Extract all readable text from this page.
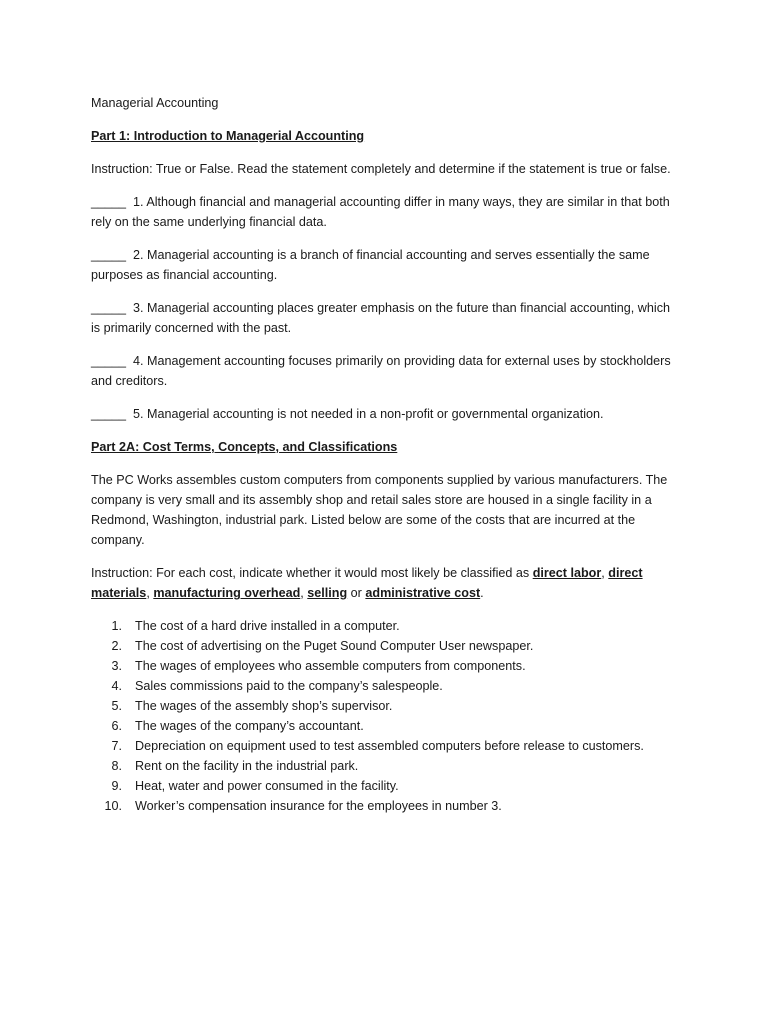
Managerial Accounting
Part 1: Introduction to Managerial Accounting
Instruction: True or False. Read the statement completely and determine if the statement is true or false.
_____  1. Although financial and managerial accounting differ in many ways, they are similar in that both rely on the same underlying financial data.
_____  2. Managerial accounting is a branch of financial accounting and serves essentially the same purposes as financial accounting.
_____  3. Managerial accounting places greater emphasis on the future than financial accounting, which is primarily concerned with the past.
_____  4. Management accounting focuses primarily on providing data for external uses by stockholders and creditors.
_____  5. Managerial accounting is not needed in a non-profit or governmental organization.
Part 2A: Cost Terms, Concepts, and Classifications
The PC Works assembles custom computers from components supplied by various manufacturers. The company is very small and its assembly shop and retail sales store are housed in a single facility in a Redmond, Washington, industrial park. Listed below are some of the costs that are incurred at the company.
Instruction: For each cost, indicate whether it would most likely be classified as direct labor, direct materials, manufacturing overhead, selling or administrative cost.
1. The cost of a hard drive installed in a computer.
2. The cost of advertising on the Puget Sound Computer User newspaper.
3. The wages of employees who assemble computers from components.
4. Sales commissions paid to the company’s salespeople.
5. The wages of the assembly shop’s supervisor.
6. The wages of the company’s accountant.
7. Depreciation on equipment used to test assembled computers before release to customers.
8. Rent on the facility in the industrial park.
9. Heat, water and power consumed in the facility.
10. Worker’s compensation insurance for the employees in number 3.
